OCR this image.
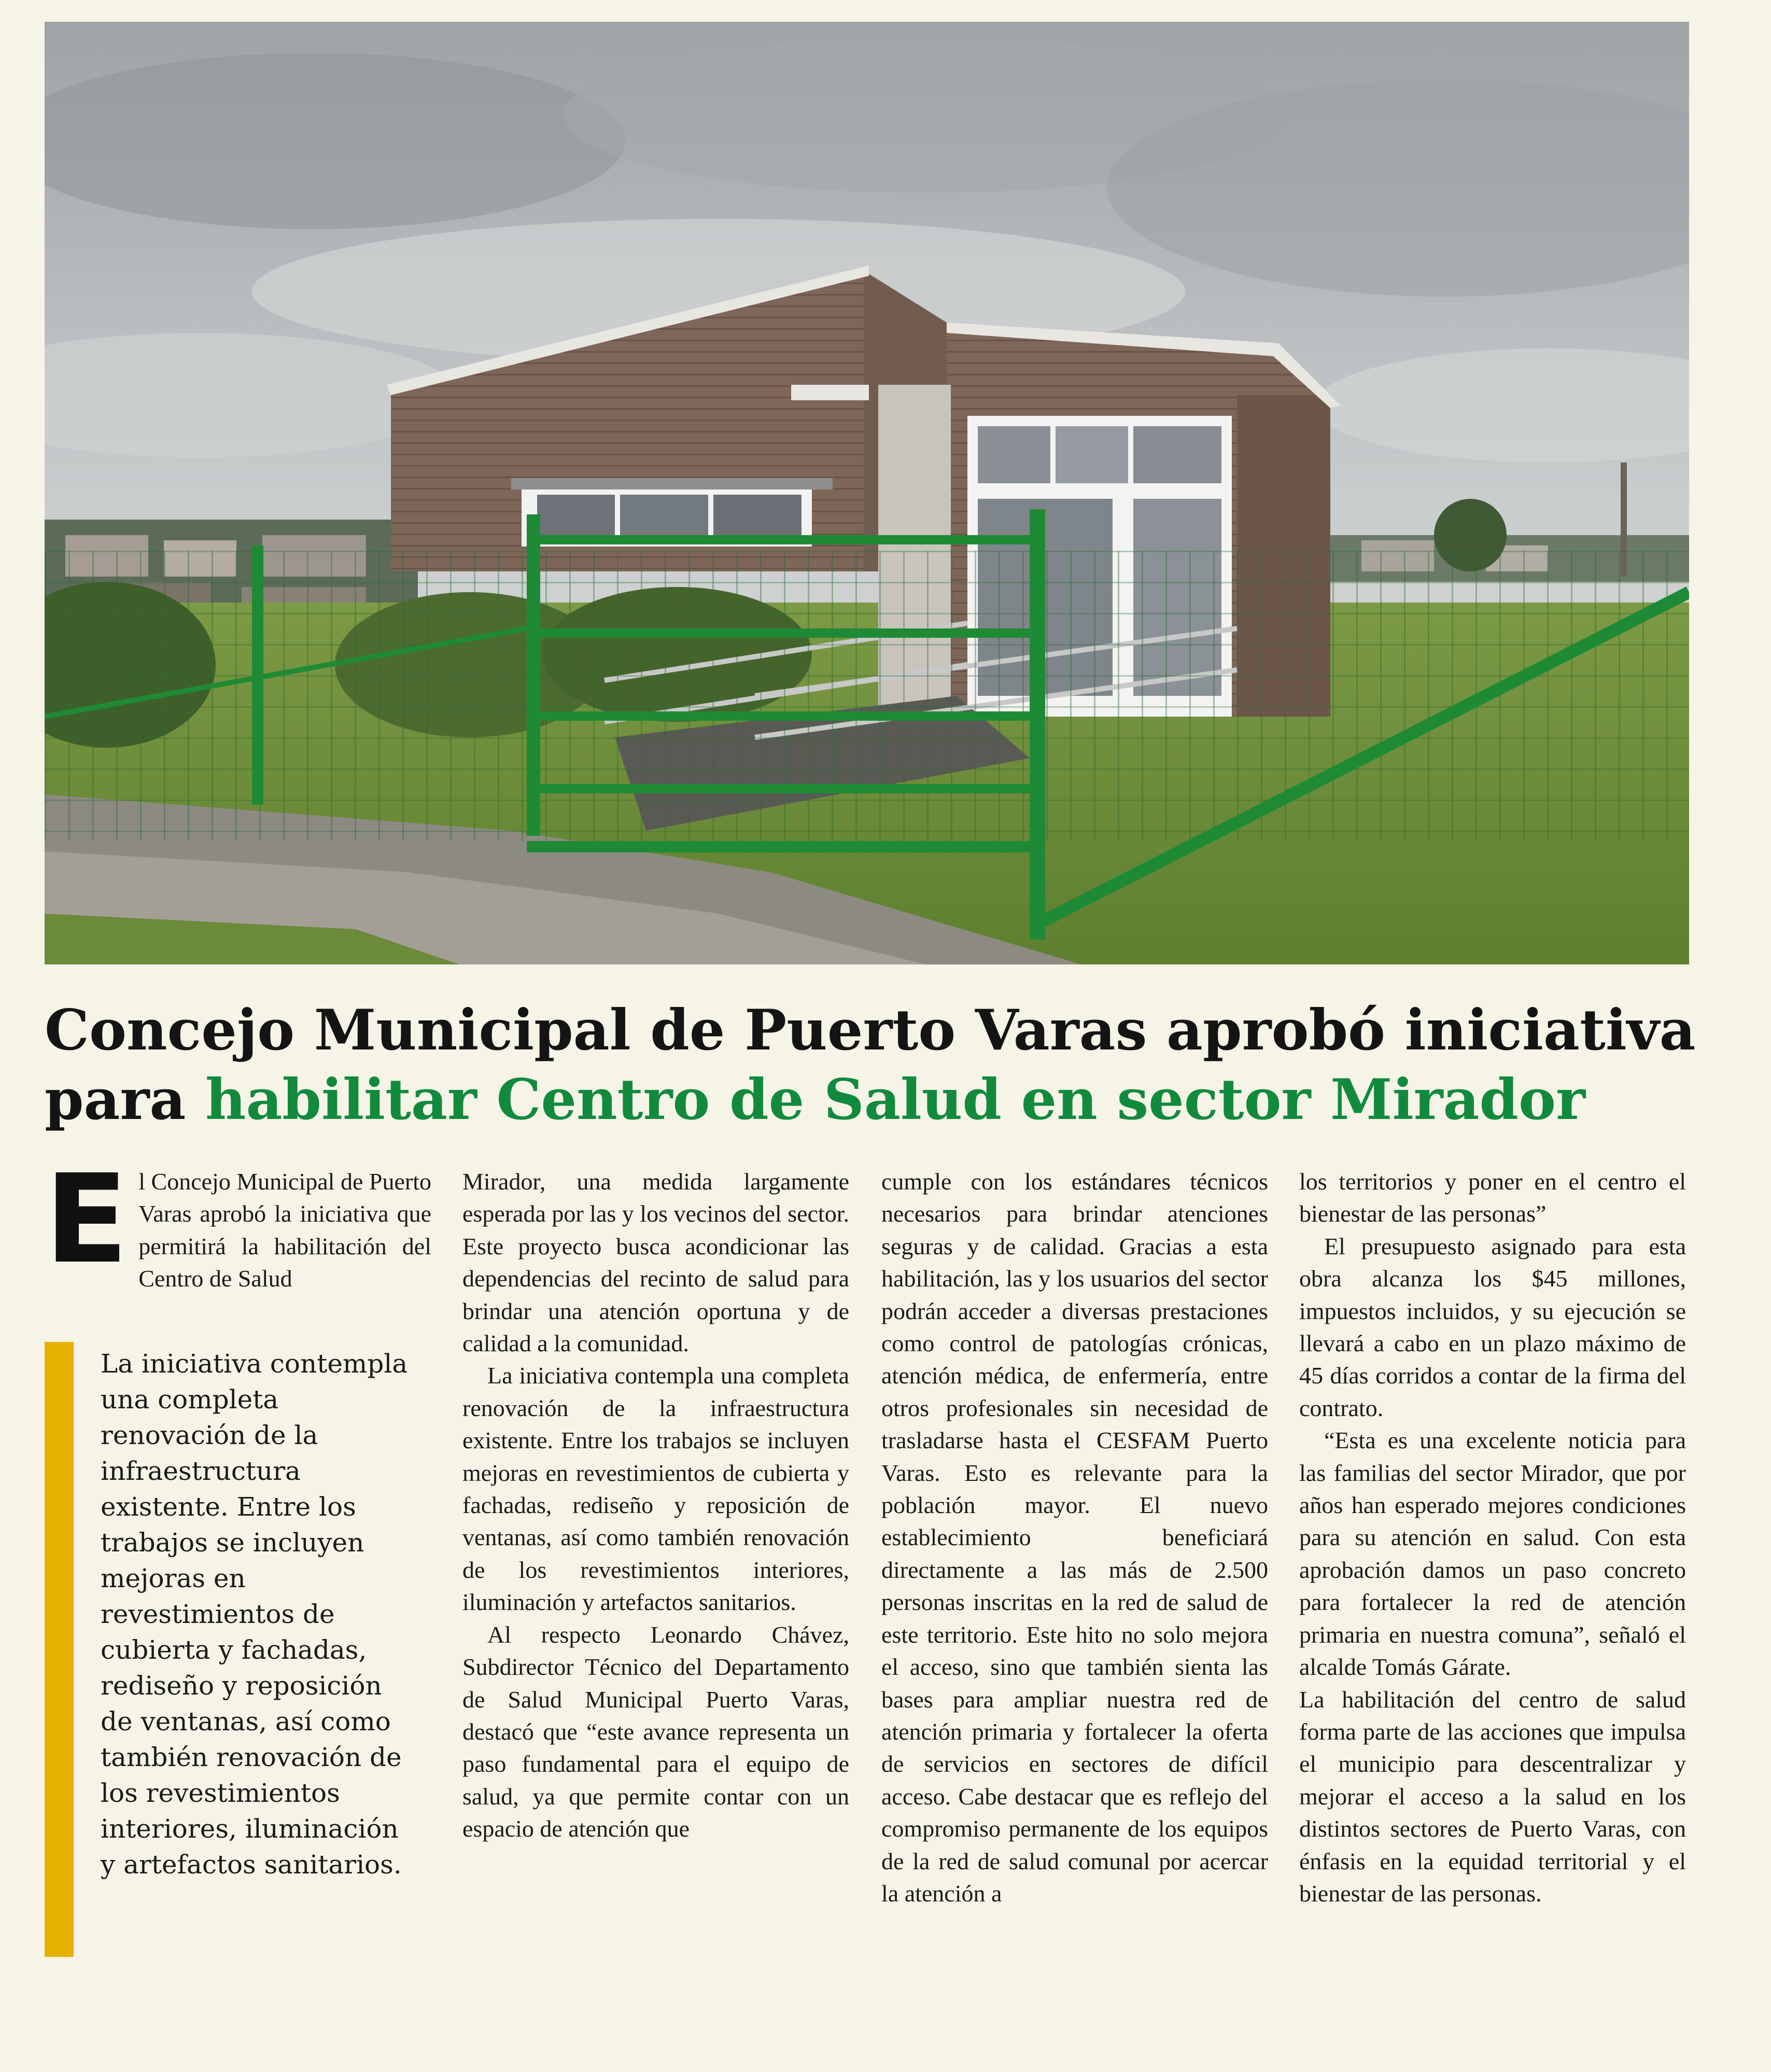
Concejo Municipal de Puerto Varas aprobó iniciativa
para habilitar Centro de Salud en sector Mirador
E l Concejo Municipal de Puerto Varas aprobó la iniciativa que permitirá la habilitación del Centro de Salud

La iniciativa contempla una completa renovación de la infraestructura existente. Entre los trabajos se incluyen mejoras en revestimientos de cubierta y fachadas, rediseño y reposición de ventanas, así como también renovación de los revestimientos interiores, iluminación y artefactos sanitarios.

Mirador, una medida largamente esperada por las y los vecinos del sector. Este proyecto busca acondicionar las dependencias del recinto de salud para brindar una atención oportuna y de calidad a la comunidad.

La iniciativa contempla una completa renovación de la infraestructura existente. Entre los trabajos se incluyen mejoras en revestimientos de cubierta y fachadas, rediseño y reposición de ventanas, así como también renovación de los revestimientos interiores, iluminación y artefactos sanitarios.

Al respecto Leonardo Chávez, Subdirector Técnico del Departamento de Salud Municipal Puerto Varas, destacó que “este avance representa un paso fundamental para el equipo de salud, ya que permite contar con un espacio de atención que

cumple con los estándares técnicos necesarios para brindar atenciones seguras y de calidad. Gracias a esta habilitación, las y los usuarios del sector podrán acceder a diversas prestaciones como control de patologías crónicas, atención médica, de enfermería, entre otros profesionales sin necesidad de trasladarse hasta el CESFAM Puerto Varas. Esto es relevante para la población mayor. El nuevo establecimiento beneficiará directamente a las más de 2.500 personas inscritas en la red de salud de este territorio. Este hito no solo mejora el acceso, sino que también sienta las bases para ampliar nuestra red de atención primaria y fortalecer la oferta de servicios en sectores de difícil acceso. Cabe destacar que es reflejo del compromiso permanente de los equipos de la red de salud comunal por acercar la atención a

los territorios y poner en el centro el bienestar de las personas”

El presupuesto asignado para esta obra alcanza los $45 millones, impuestos incluidos, y su ejecución se llevará a cabo en un plazo máximo de 45 días corridos a contar de la firma del contrato.

“Esta es una excelente noticia para las familias del sector Mirador, que por años han esperado mejores condiciones para su atención en salud. Con esta aprobación damos un paso concreto para fortalecer la red de atención primaria en nuestra comuna”, señaló el alcalde Tomás Gárate.

La habilitación del centro de salud forma parte de las acciones que impulsa el municipio para descentralizar y mejorar el acceso a la salud en los distintos sectores de Puerto Varas, con énfasis en la equidad territorial y el bienestar de las personas.
